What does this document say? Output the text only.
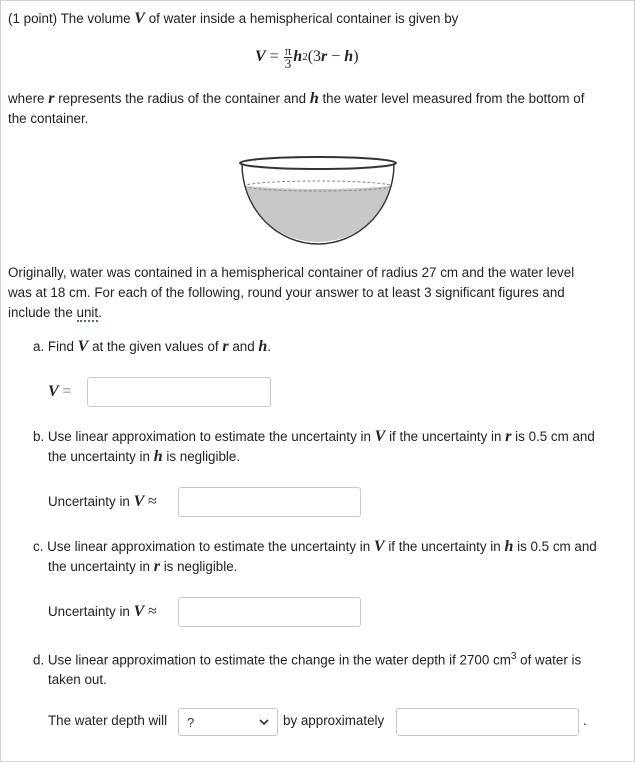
(1 point) The volume V of water inside a hemispherical container is given by
$V = \frac{\pi}{3}$ h 2 (3 r − h )
where r represents the radius of the container and h the water level measured from the bottom of
the container.
Originally, water was contained in a hemispherical container of radius 27 cm and the water level
was at 18 cm. For each of the following, round your answer to at least 3 significant figures and
include the unit.
a. Find V at the given values of r and h.
V =
b. Use linear approximation to estimate the uncertainty in V if the uncertainty in r is 0.5 cm and
the uncertainty in h is negligible.
Uncertainty in V ≈
c. Use linear approximation to estimate the uncertainty in V if the uncertainty in h is 0.5 cm and
the uncertainty in r is negligible.
Uncertainty in V ≈
d. Use linear approximation to estimate the change in the water depth if 2700 $cm^3$ of water is
taken out.
The water depth will ?	by approximately	.
